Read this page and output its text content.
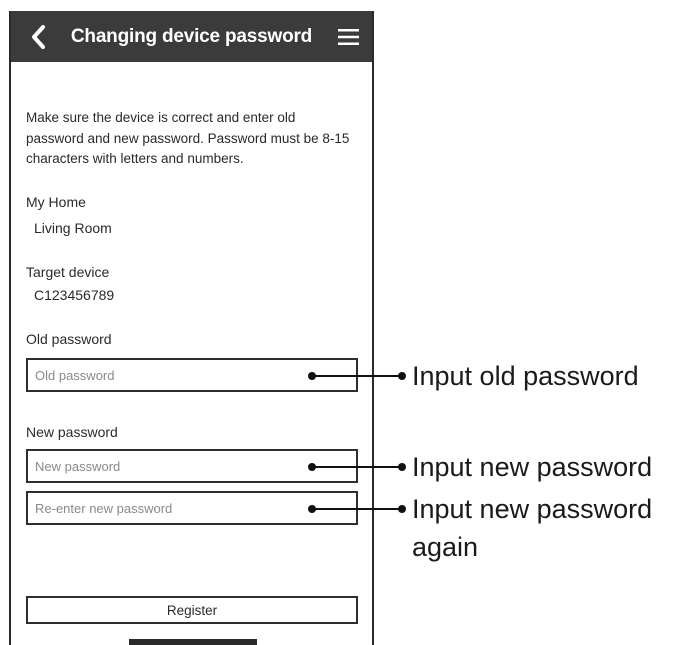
Changing device password
Make sure the device is correct and enter old password and new password. Password must be 8-15 characters with letters and numbers.
My Home
Living Room
Target device
C123456789
Old password
New password
Register
Input old password
Input new password
Input new password
again
